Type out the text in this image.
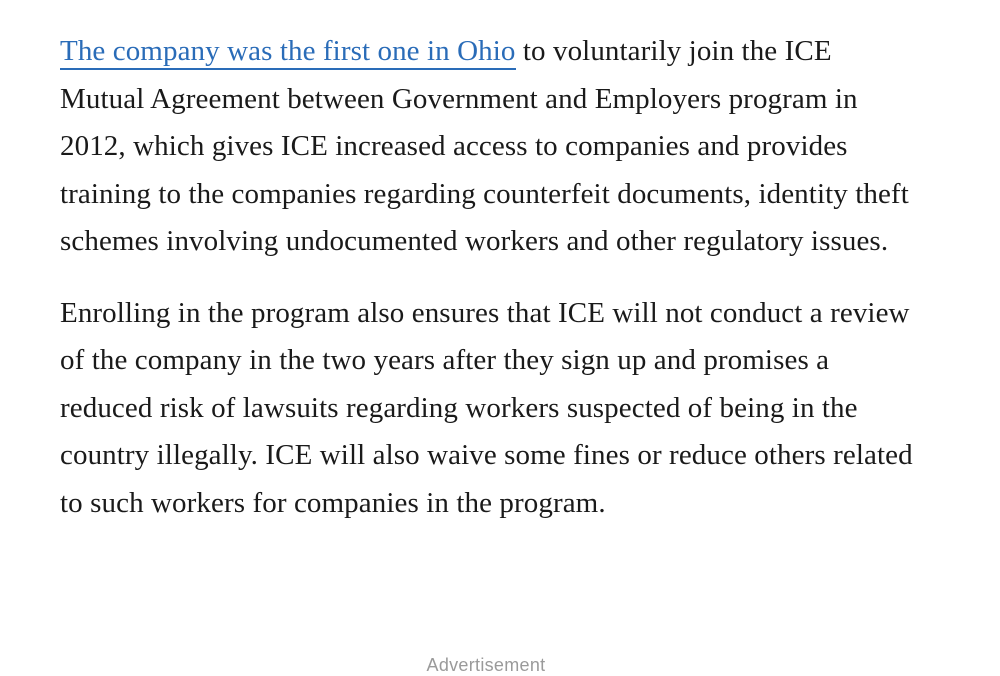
The company was the first one in Ohio to voluntarily join the ICE Mutual Agreement between Government and Employers program in 2012, which gives ICE increased access to companies and provides training to the companies regarding counterfeit documents, identity theft schemes involving undocumented workers and other regulatory issues.

Enrolling in the program also ensures that ICE will not conduct a review of the company in the two years after they sign up and promises a reduced risk of lawsuits regarding workers suspected of being in the country illegally. ICE will also waive some fines or reduce others related to such workers for companies in the program.

Advertisement
